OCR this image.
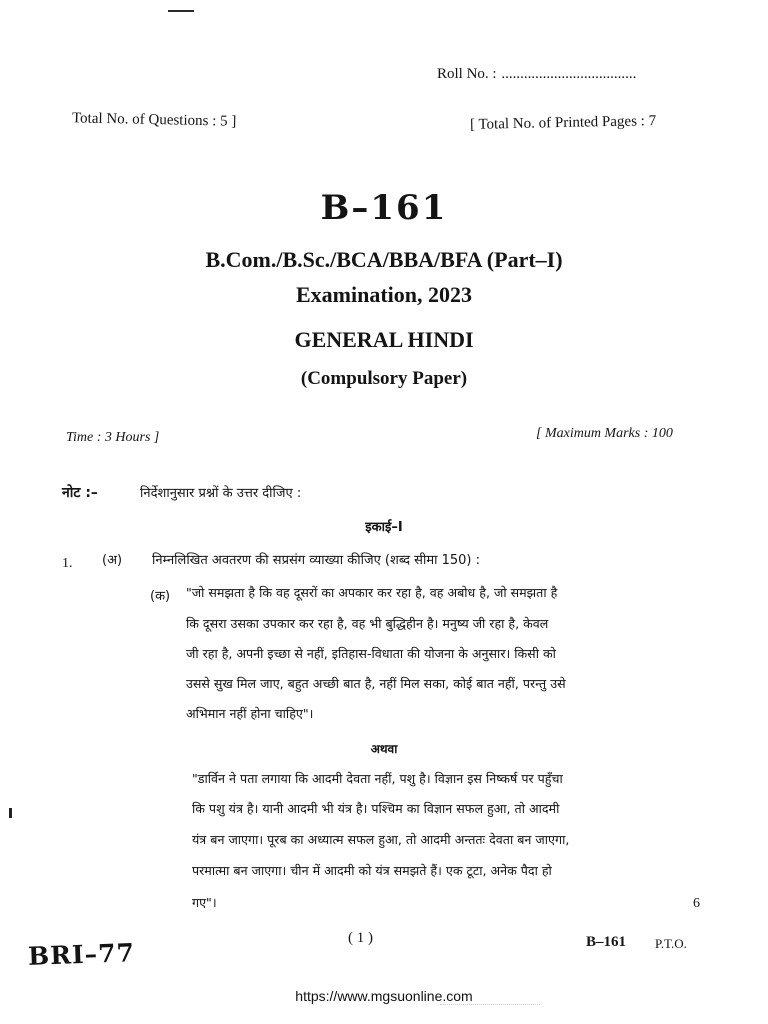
Roll No. : ....................................
Total No. of Questions : 5 ]	[ Total No. of Printed Pages : 7
B–161
B.Com./B.Sc./BCA/BBA/BFA (Part–I)
Examination, 2023
GENERAL HINDI
(Compulsory Paper)
Time : 3 Hours ]	[ Maximum Marks : 100
नोट :–	निर्देशानुसार प्रश्नों के उत्तर दीजिए :
इकाई–I
1. (अ) निम्नलिखित अवतरण की सप्रसंग व्याख्या कीजिए (शब्द सीमा 150) :
(क) "जो समझता है कि वह दूसरों का अपकार कर रहा है, वह अबोध है, जो समझता है
कि दूसरा उसका उपकार कर रहा है, वह भी बुद्धिहीन है। मनुष्य जी रहा है, केवल
जी रहा है, अपनी इच्छा से नहीं, इतिहास-विधाता की योजना के अनुसार। किसी को
उससे सुख मिल जाए, बहुत अच्छी बात है, नहीं मिल सका, कोई बात नहीं, परन्तु उसे
अभिमान नहीं होना चाहिए"।
अथवा
"डार्विन ने पता लगाया कि आदमी देवता नहीं, पशु है। विज्ञान इस निष्कर्ष पर पहुँचा
कि पशु यंत्र है। यानी आदमी भी यंत्र है। पश्चिम का विज्ञान सफल हुआ, तो आदमी
यंत्र बन जाएगा। पूरब का अध्यात्म सफल हुआ, तो आदमी अन्ततः देवता बन जाएगा,
परमात्मा बन जाएगा। चीन में आदमी को यंत्र समझते हैं। एक टूटा, अनेक पैदा हो
गए"।	6
BRI–77
( 1 )	B–161 P.T.O.
https://www.mgsuonline.com
